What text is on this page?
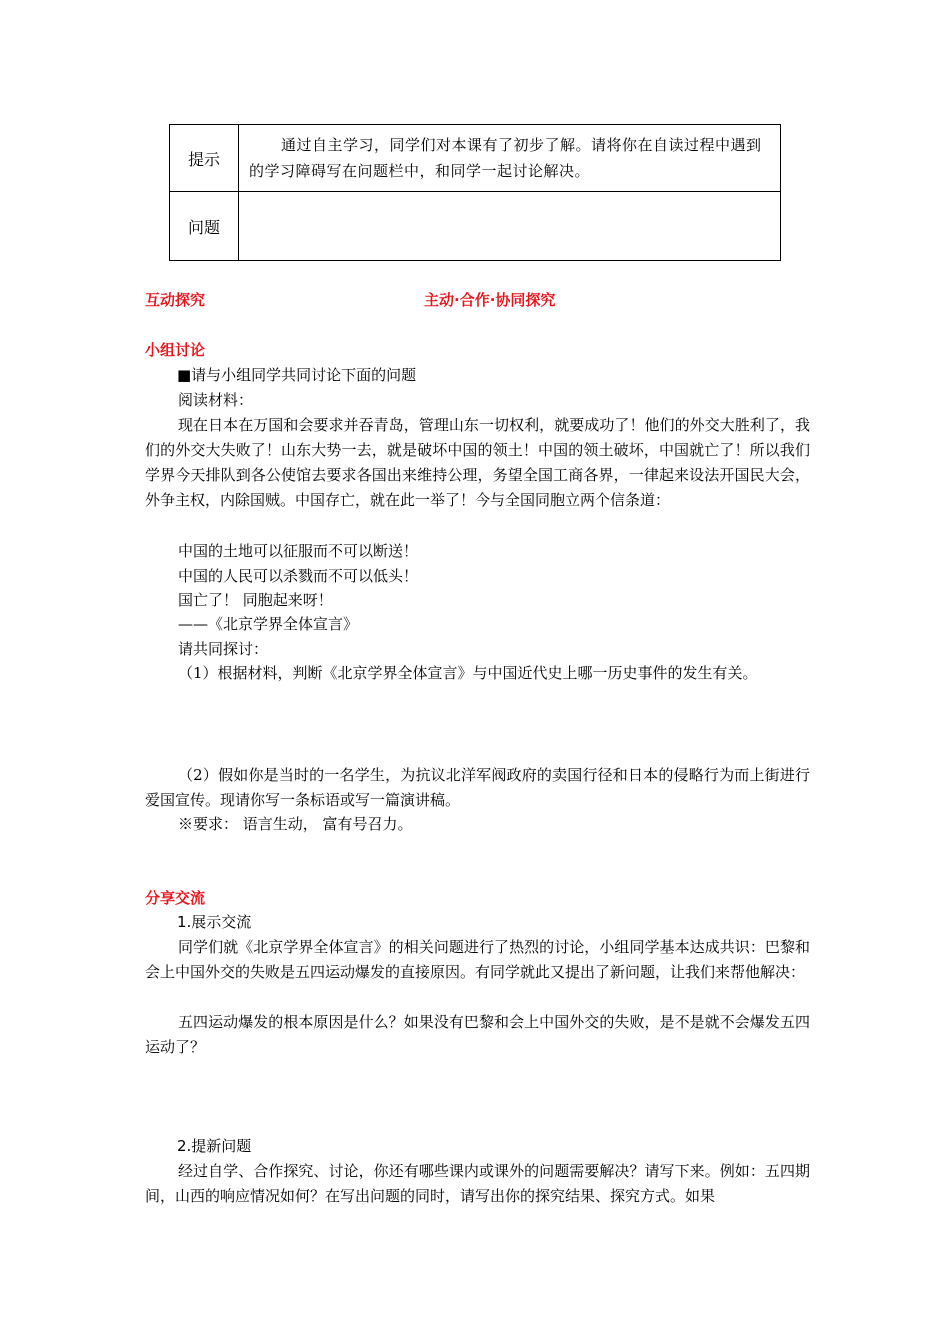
提示	通过自主学习，同学们对本课有了初步了解。请将你在自读过程中遇到的学习障碍写在问题栏中，和同学一起讨论解决。

问题	
互动探究	主动·合作·协同探究
小组讨论
■请与小组同学共同讨论下面的问题
阅读材料：

现在日本在万国和会要求并吞青岛，管理山东一切权利，就要成功了！他们的外交大胜利了，我们的外交大失败了！山东大势一去，就是破坏中国的领土！中国的领土破坏，中国就亡了！所以我们学界今天排队到各公使馆去要求各国出来维持公理，务望全国工商各界，一律起来设法开国民大会，外争主权，内除国贼。中国存亡，就在此一举了！今与全国同胞立两个信条道：

中国的土地可以征服而不可以断送！
中国的人民可以杀戮而不可以低头！
国亡了！ 同胞起来呀！
——《北京学界全体宣言》
请共同探讨：
（1）根据材料，判断《北京学界全体宣言》与中国近代史上哪一历史事件的发生有关。

（2）假如你是当时的一名学生，为抗议北洋军阀政府的卖国行径和日本的侵略行为而上街进行爱国宣传。现请你写一条标语或写一篇演讲稿。

※要求： 语言生动， 富有号召力。
分享交流
1.展示交流

同学们就《北京学界全体宣言》的相关问题进行了热烈的讨论，小组同学基本达成共识：巴黎和会上中国外交的失败是五四运动爆发的直接原因。有同学就此又提出了新问题，让我们来帮他解决：

五四运动爆发的根本原因是什么？如果没有巴黎和会上中国外交的失败，是不是就不会爆发五四运动了？

2.提新问题

经过自学、合作探究、讨论，你还有哪些课内或课外的问题需要解决？请写下来。例如：五四期间，山西的响应情况如何？在写出问题的同时，请写出你的探究结果、探究方式。如果
